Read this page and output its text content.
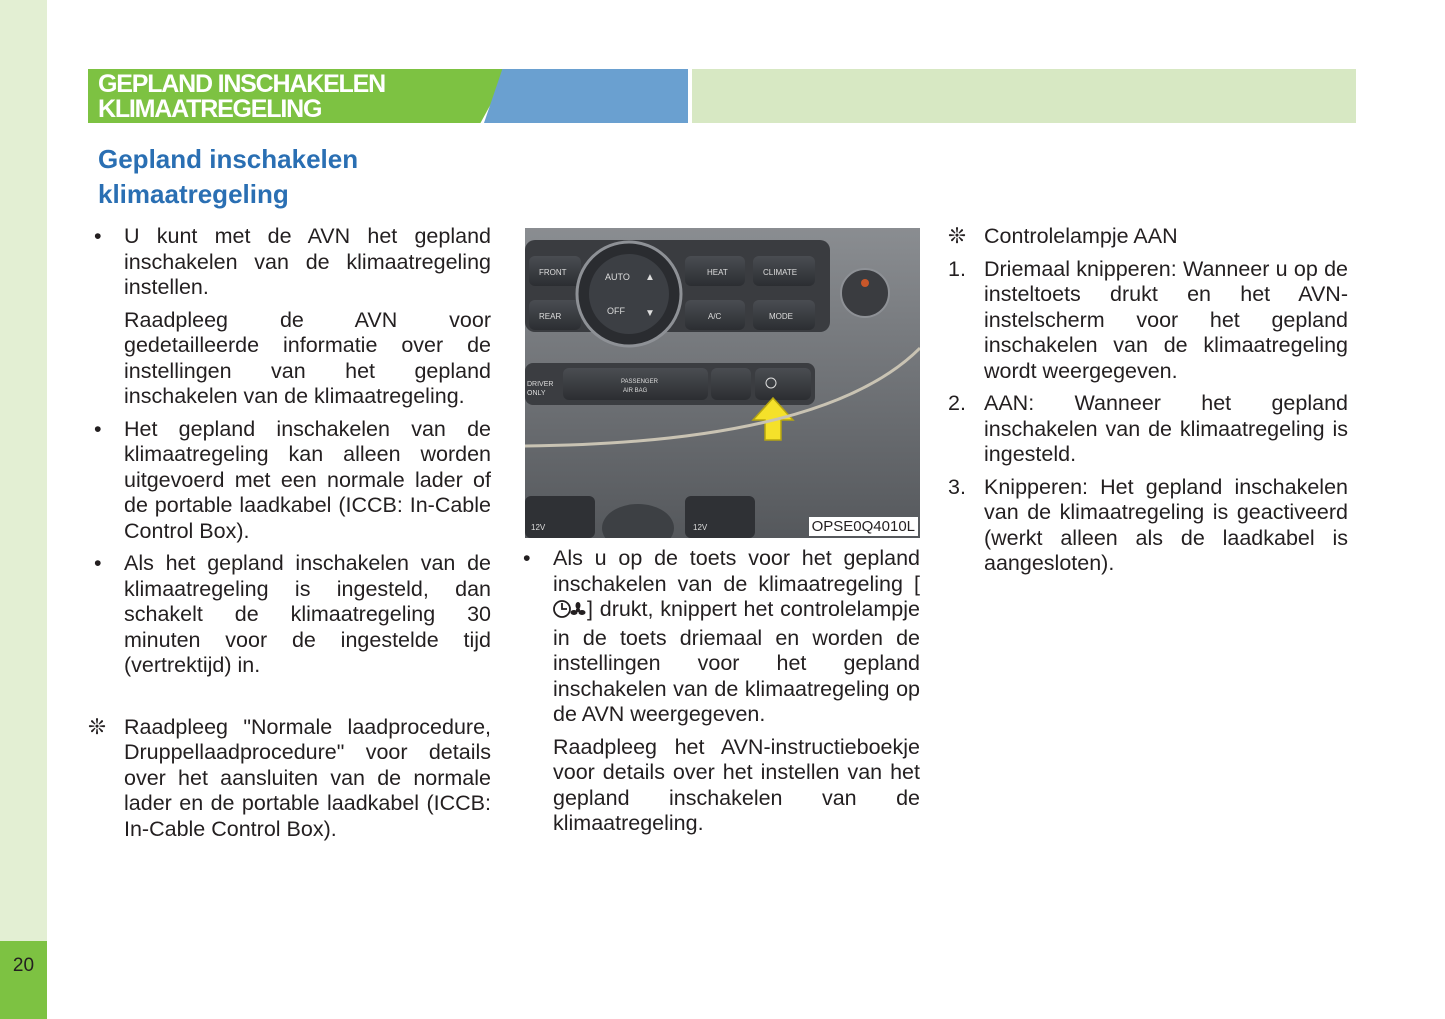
20
GEPLAND INSCHAKELEN
KLIMAATREGELING
Gepland inschakelen
klimaatregeling

•	U kunt met de AVN het gepland inschakelen van de klimaatregeling instellen.

Raadpleeg de AVN voor gedetailleerde informatie over de instellingen van het gepland inschakelen van de klimaatregeling.

•	Het gepland inschakelen van de klimaatregeling kan alleen worden uitgevoerd met een normale lader of de portable laadkabel (ICCB: In-Cable Control Box).

•	Als het gepland inschakelen van de klimaatregeling is ingesteld, dan schakelt de klimaatregeling 30 minuten voor de ingestelde tijd (vertrektijd) in.

❊ Raadpleeg "Normale laadprocedure, Druppellaadprocedure" voor details over het aansluiten van de normale lader en de portable laadkabel (ICCB: In-Cable Control Box).

FRONT
REAR
AUTO
OFF
▲
▼
HEAT
A/C
CLIMATE
MODE
DRIVER
ONLY
PASSENGER
AIR BAG
12V	12V	OPSE0Q4010L

•	Als u op de toets voor het gepland inschakelen van de klimaatregeling [] drukt, knippert het controlelampje in de toets driemaal en worden de instellingen voor het gepland inschakelen van de klimaatregeling op de AVN weergegeven.

Raadpleeg het AVN-instructieboekje voor details over het instellen van het gepland inschakelen van de klimaatregeling.

❊ Controlelampje AAN

1. Driemaal knipperen: Wanneer u op de insteltoets drukt en het AVN-instelscherm voor het gepland inschakelen van de klimaatregeling wordt weergegeven.

2. AAN: Wanneer het gepland inschakelen van de klimaatregeling is ingesteld.

3. Knipperen: Het gepland inschakelen van de klimaatregeling is geactiveerd (werkt alleen als de laadkabel is aangesloten).
